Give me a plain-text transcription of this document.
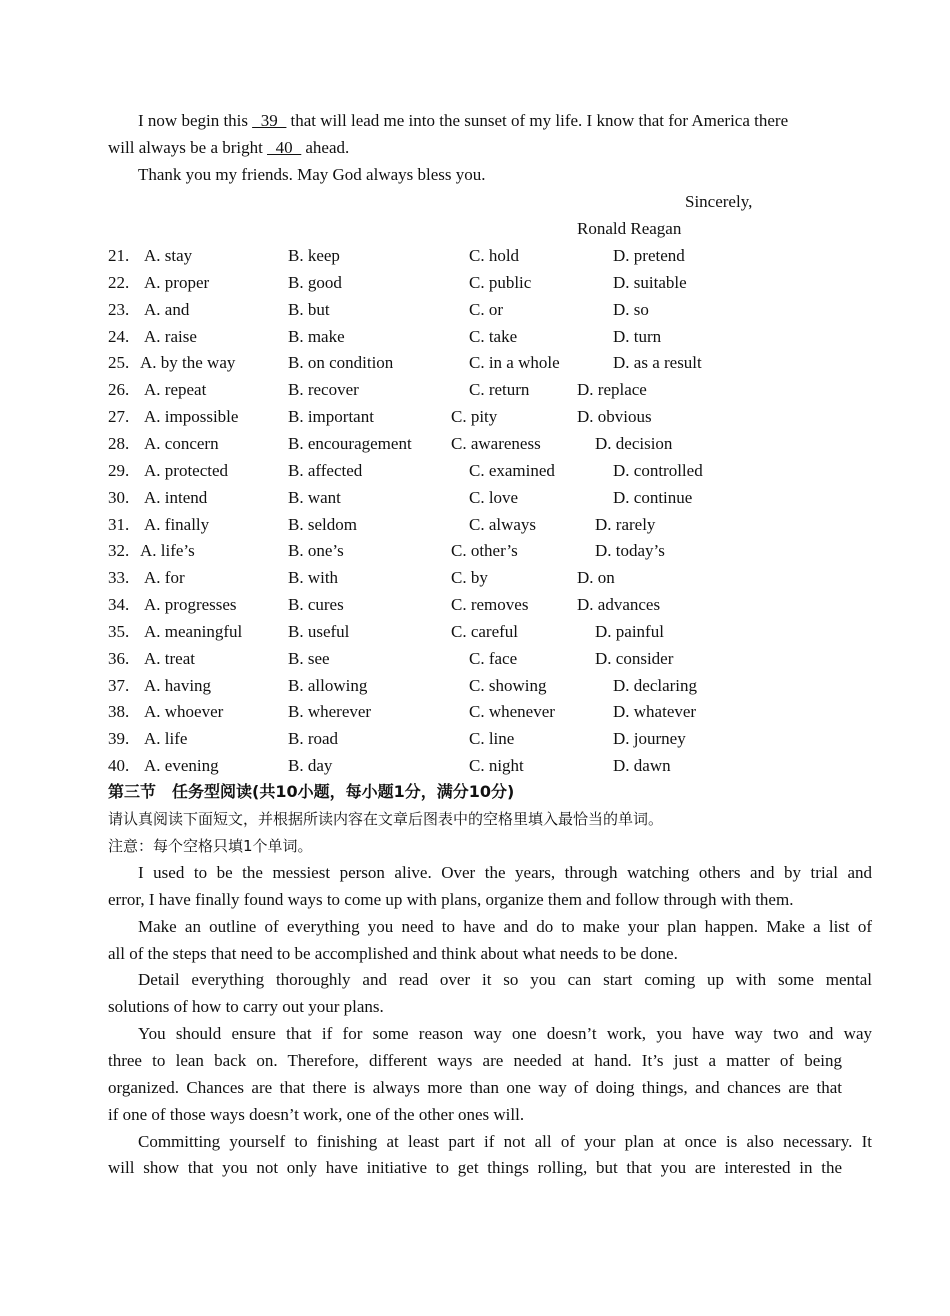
I now begin this _39_ that will lead me into the sunset of my life. I know that for America there
will always be a bright _40_ ahead.
Thank you my friends. May God always bless you.
Sincerely,
Ronald Reagan
21. A. stay	B. keep	C. hold	D. pretend
22. A. proper	B. good	C. public	D. suitable
23. A. and	B. but	C. or	D. so
24. A. raise	B. make	C. take	D. turn
25. A. by the way	B. on condition	C. in a whole	D. as a result
26. A. repeat	B. recover	C. return	D. replace
27. A. impossible	B. important	C. pity	D. obvious
28. A. concern	B. encouragement C. awareness	D. decision
29. A. protected	B. affected	C. examined	D. controlled
30. A. intend	B. want	C. love	D. continue
31. A. finally	B. seldom	C. always	D. rarely
32. A. life’s	B. one’s	C. other’s	D. today’s
33. A. for	B. with	C. by	D. on
34. A. progresses	B. cures	C. removes	D. advances
35. A. meaningful	B. useful	C. careful	D. painful
36. A. treat	B. see	C. face	D. consider
37. A. having	B. allowing	C. showing	D. declaring
38. A. whoever	B. wherever	C. whenever	D. whatever
39. A. life	B. road	C. line	D. journey
40. A. evening	B. day	C. night	D. dawn
第三节　任务型阅读(共10小题，每小题1分，满分10分)
请认真阅读下面短文，并根据所读内容在文章后图表中的空格里填入最恰当的单词。
注意：每个空格只填1个单词。
I used to be the messiest person alive. Over the years, through watching others and by trial and
error, I have finally found ways to come up with plans, organize them and follow through with them.
Make an outline of everything you need to have and do to make your plan happen. Make a list of
all of the steps that need to be accomplished and think about what needs to be done.
Detail everything thoroughly and read over it so you can start coming up with some mental
solutions of how to carry out your plans.
You should ensure that if for some reason way one doesn’t work, you have way two and way
three to lean back on. Therefore, different ways are needed at hand. It’s just a matter of being
organized. Chances are that there is always more than one way of doing things, and chances are that
if one of those ways doesn’t work, one of the other ones will.
Committing yourself to finishing at least part if not all of your plan at once is also necessary. It
will show that you not only have initiative to get things rolling, but that you are interested in the
